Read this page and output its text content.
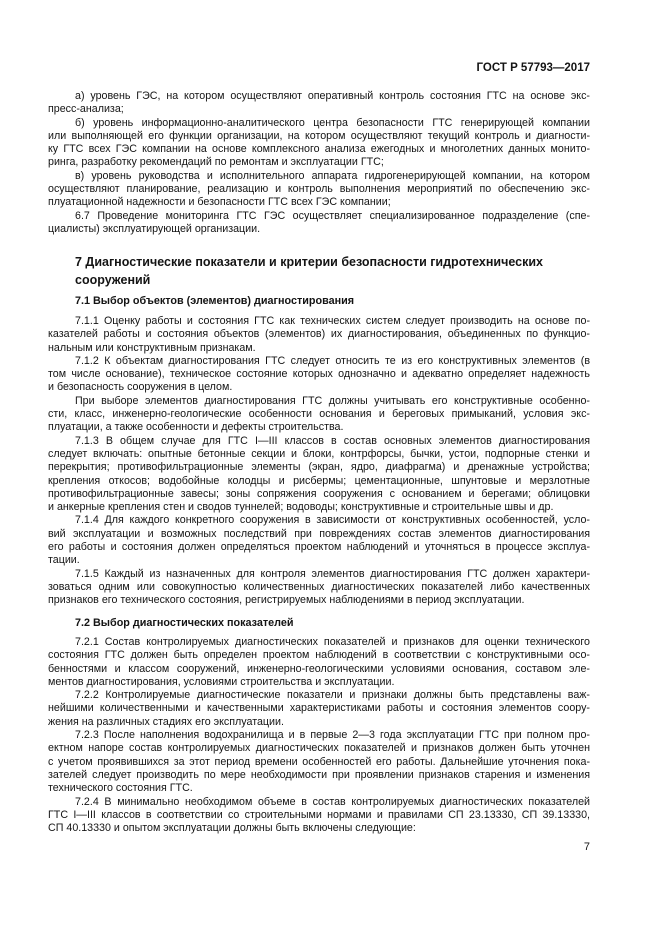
ГОСТ Р 57793—2017
а) уровень ГЭС, на котором осуществляют оперативный контроль состояния ГТС на основе экс-
пресс-анализа;
б) уровень информационно-аналитического центра безопасности ГТС генерирующей компании
или выполняющей его функции организации, на котором осуществляют текущий контроль и диагности-
ку ГТС всех ГЭС компании на основе комплексного анализа ежегодных и многолетних данных монито-
ринга, разработку рекомендаций по ремонтам и эксплуатации ГТС;
в) уровень руководства и исполнительного аппарата гидрогенерирующей компании, на котором
осуществляют планирование, реализацию и контроль выполнения мероприятий по обеспечению экс-
плуатационной надежности и безопасности ГТС всех ГЭС компании;
6.7 Проведение мониторинга ГТС ГЭС осуществляет специализированное подразделение (спе-
циалисты) эксплуатирующей организации.
7 Диагностические показатели и критерии безопасности гидротехнических
сооружений
7.1 Выбор объектов (элементов) диагностирования
7.1.1 Оценку работы и состояния ГТС как технических систем следует производить на основе по-
казателей работы и состояния объектов (элементов) их диагностирования, объединенных по функцио-
нальным или конструктивным признакам.
7.1.2 К объектам диагностирования ГТС следует относить те из его конструктивных элементов (в
том числе основание), техническое состояние которых однозначно и адекватно определяет надежность
и безопасность сооружения в целом.
При выборе элементов диагностирования ГТС должны учитывать его конструктивные особенно-
сти, класс, инженерно-геологические особенности основания и береговых примыканий, условия экс-
плуатации, а также особенности и дефекты строительства.
7.1.3 В общем случае для ГТС I—III классов в состав основных элементов диагностирования
следует включать: опытные бетонные секции и блоки, контрфорсы, бычки, устои, подпорные стенки и
перекрытия; противофильтрационные элементы (экран, ядро, диафрагма) и дренажные устройства;
крепления откосов; водобойные колодцы и рисбермы; цементационные, шпунтовые и мерзлотные
противофильтрационные завесы; зоны сопряжения сооружения с основанием и берегами; облицовки
и анкерные крепления стен и сводов туннелей; водоводы; конструктивные и строительные швы и др.
7.1.4 Для каждого конкретного сооружения в зависимости от конструктивных особенностей, усло-
вий эксплуатации и возможных последствий при повреждениях состав элементов диагностирования
его работы и состояния должен определяться проектом наблюдений и уточняться в процессе эксплуа-
тации.
7.1.5 Каждый из назначенных для контроля элементов диагностирования ГТС должен характери-
зоваться одним или совокупностью количественных диагностических показателей либо качественных
признаков его технического состояния, регистрируемых наблюдениями в период эксплуатации.
7.2 Выбор диагностических показателей
7.2.1 Состав контролируемых диагностических показателей и признаков для оценки технического
состояния ГТС должен быть определен проектом наблюдений в соответствии с конструктивными осо-
бенностями и классом сооружений, инженерно-геологическими условиями основания, составом эле-
ментов диагностирования, условиями строительства и эксплуатации.
7.2.2 Контролируемые диагностические показатели и признаки должны быть представлены важ-
нейшими количественными и качественными характеристиками работы и состояния элементов соору-
жения на различных стадиях его эксплуатации.
7.2.3 После наполнения водохранилища и в первые 2—3 года эксплуатации ГТС при полном про-
ектном напоре состав контролируемых диагностических показателей и признаков должен быть уточнен
с учетом проявившихся за этот период времени особенностей его работы. Дальнейшие уточнения пока-
зателей следует производить по мере необходимости при проявлении признаков старения и изменения
технического состояния ГТС.
7.2.4 В минимально необходимом объеме в состав контролируемых диагностических показателей
ГТС I—III классов в соответствии со строительными нормами и правилами СП 23.13330, СП 39.13330,
СП 40.13330 и опытом эксплуатации должны быть включены следующие:
7
